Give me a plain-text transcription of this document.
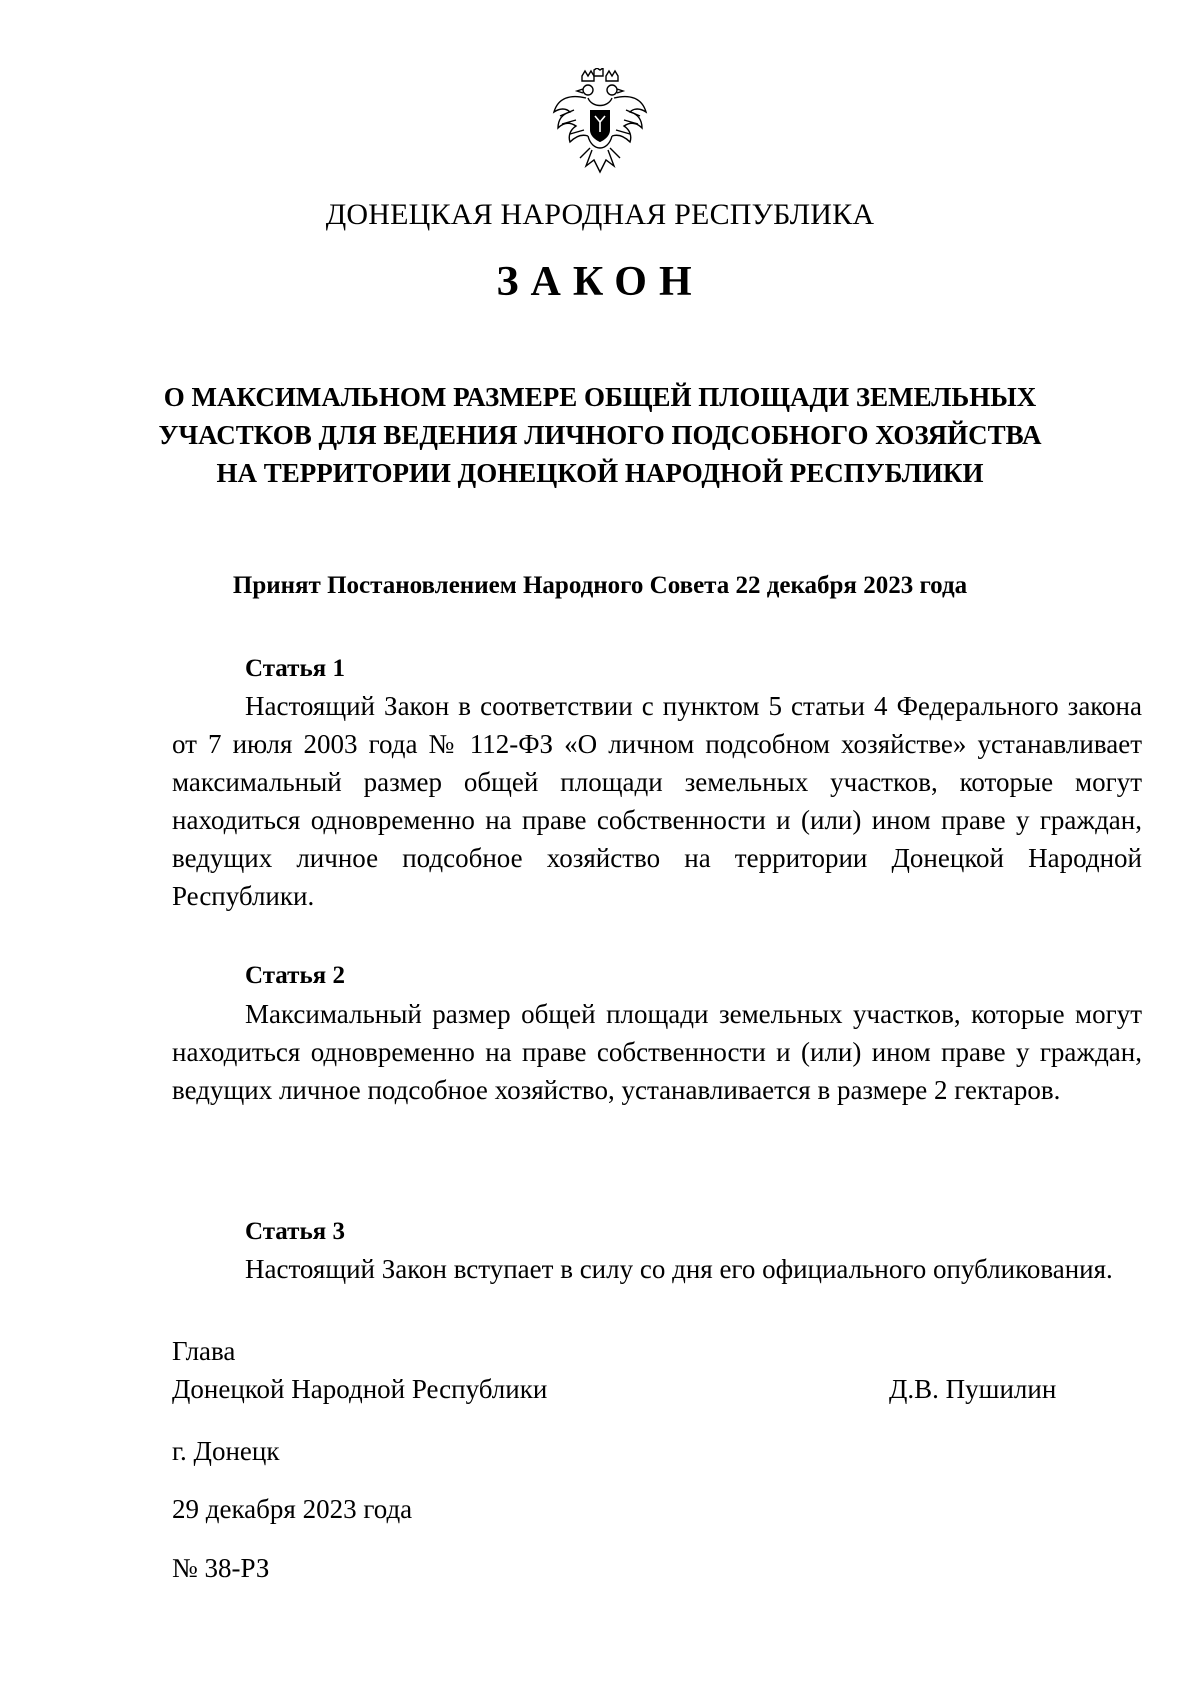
ДОНЕЦКАЯ НАРОДНАЯ РЕСПУБЛИКА
ЗАКОН
О МАКСИМАЛЬНОМ РАЗМЕРЕ ОБЩЕЙ ПЛОЩАДИ ЗЕМЕЛЬНЫХ
УЧАСТКОВ ДЛЯ ВЕДЕНИЯ ЛИЧНОГО ПОДСОБНОГО ХОЗЯЙСТВА
НА ТЕРРИТОРИИ ДОНЕЦКОЙ НАРОДНОЙ РЕСПУБЛИКИ
Принят Постановлением Народного Совета 22 декабря 2023 года
Статья 1
Настоящий Закон в соответствии с пунктом 5 статьи 4 Федерального закона от 7 июля 2003 года № 112-ФЗ «О личном подсобном хозяйстве» устанавливает максимальный размер общей площади земельных участков, которые могут находиться одновременно на праве собственности и (или) ином праве у граждан, ведущих личное подсобное хозяйство на территории Донецкой Народной Республики.
Статья 2
Максимальный размер общей площади земельных участков, которые могут находиться одновременно на праве собственности и (или) ином праве у граждан, ведущих личное подсобное хозяйство, устанавливается в размере 2 гектаров.
Статья 3
Настоящий Закон вступает в силу со дня его официального опубликования.
Глава
Донецкой Народной Республики	Д.В. Пушилин
г. Донецк
29 декабря 2023 года
№ 38-РЗ
